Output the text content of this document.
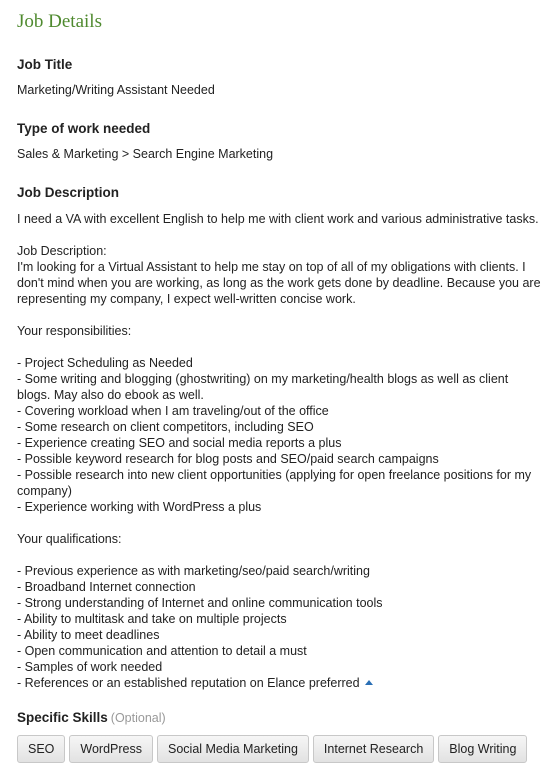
Job Details
Job Title

Marketing/Writing Assistant Needed

Type of work needed

Sales & Marketing > Search Engine Marketing

Job Description

I need a VA with excellent English to help me with client work and various administrative tasks.

Job Description:

I'm looking for a Virtual Assistant to help me stay on top of all of my obligations with clients. I don't mind when you are working, as long as the work gets done by deadline. Because you are representing my company, I expect well-written concise work.

Your responsibilities:

- Project Scheduling as Needed

- Some writing and blogging (ghostwriting) on my marketing/health blogs as well as client blogs. May also do ebook as well.

- Covering workload when I am traveling/out of the office

- Some research on client competitors, including SEO

- Experience creating SEO and social media reports a plus

- Possible keyword research for blog posts and SEO/paid search campaigns

- Possible research into new client opportunities (applying for open freelance positions for my company)

- Experience working with WordPress a plus

Your qualifications:

- Previous experience as with marketing/seo/paid search/writing

- Broadband Internet connection

- Strong understanding of Internet and online communication tools

- Ability to multitask and take on multiple projects

- Ability to meet deadlines

- Open communication and attention to detail a must

- Samples of work needed

- References or an established reputation on Elance preferred

Specific Skills (Optional)
SEO	WordPress	Social Media Marketing	Internet Research	Blog Writing
